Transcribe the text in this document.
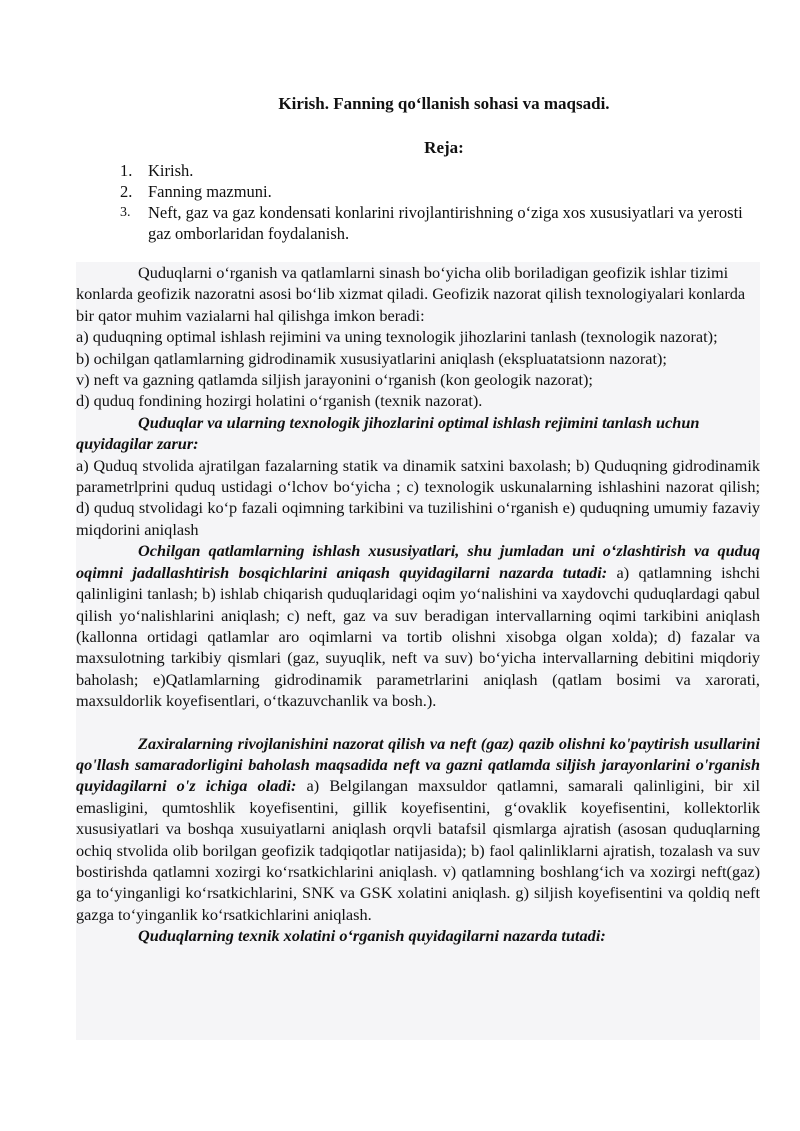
Kirish. Fanning qo‘llanish sohasi va maqsadi.
Reja:
1. Kirish.
2. Fanning mazmuni.
3. Neft, gaz va gaz kondensati konlarini rivojlantirishning o‘ziga xos xususiyatlari va yerosti gaz omborlaridan foydalanish.

Quduqlarni o‘rganish va qatlamlarni sinash bo‘yicha olib boriladigan geofizik ishlar tizimi konlarda geofizik nazoratni asosi bo‘lib xizmat qiladi. Geofizik nazorat qilish texnologiyalari konlarda bir qator muhim vazialarni hal qilishga imkon beradi:

a) quduqning optimal ishlash rejimini va uning texnologik jihozlarini tanlash (texnologik nazorat);

b) ochilgan qatlamlarning gidrodinamik xususiyatlarini aniqlash (ekspluatatsionn nazorat);

v) neft va gazning qatlamda siljish jarayonini o‘rganish (kon geologik nazorat);

d) quduq fondining hozirgi holatini o‘rganish (texnik nazorat).

Quduqlar va ularning texnologik jihozlarini optimal ishlash rejimini tanlash uchun quyidagilar zarur:

a) Quduq stvolida ajratilgan fazalarning statik va dinamik satxini baxolash; b) Quduqning gidrodinamik parametrlprini quduq ustidagi o‘lchov bo‘yicha ; c) texnologik uskunalarning ishlashini nazorat qilish; d) quduq stvolidagi ko‘p fazali oqimning tarkibini va tuzilishini o‘rganish e) quduqning umumiy fazaviy miqdorini aniqlash

Ochilgan qatlamlarning ishlash xususiyatlari, shu jumladan uni o‘zlashtirish va quduq oqimni jadallashtirish bosqichlarini aniqash quyidagilarni nazarda tutadi: a) qatlamning ishchi qalinligini tanlash; b) ishlab chiqarish quduqlaridagi oqim yo‘nalishini va xaydovchi quduqlardagi qabul qilish yo‘nalishlarini aniqlash; c) neft, gaz va suv beradigan intervallarning oqimi tarkibini aniqlash (kallonna ortidagi qatlamlar aro oqimlarni va tortib olishni xisobga olgan xolda); d) fazalar va maxsulotning tarkibiy qismlari (gaz, suyuqlik, neft va suv) bo‘yicha intervallarning debitini miqdoriy baholash; e)Qatlamlarning gidrodinamik parametrlarini aniqlash (qatlam bosimi va xarorati, maxsuldorlik koyefisentlari, o‘tkazuvchanlik va bosh.).

Zaxiralarning rivojlanishini nazorat qilish va neft (gaz) qazib olishni ko'paytirish usullarini qo'llash samaradorligini baholash maqsadida neft va gazni qatlamda siljish jarayonlarini o'rganish quyidagilarni o'z ichiga oladi: a) Belgilangan maxsuldor qatlamni, samarali qalinligini, bir xil emasligini, qumtoshlik koyefisentini, gillik koyefisentini, g‘ovaklik koyefisentini, kollektorlik xususiyatlari va boshqa xusuiyatlarni aniqlash orqvli batafsil qismlarga ajratish (asosan quduqlarning ochiq stvolida olib borilgan geofizik tadqiqotlar natijasida); b) faol qalinliklarni ajratish, tozalash va suv bostirishda qatlamni xozirgi ko‘rsatkichlarini aniqlash. v) qatlamning boshlang‘ich va xozirgi neft(gaz) ga to‘yinganligi ko‘rsatkichlarini, SNK va GSK xolatini aniqlash. g) siljish koyefisentini va qoldiq neft gazga to‘yinganlik ko‘rsatkichlarini aniqlash.

Quduqlarning texnik xolatini o‘rganish quyidagilarni nazarda tutadi:
